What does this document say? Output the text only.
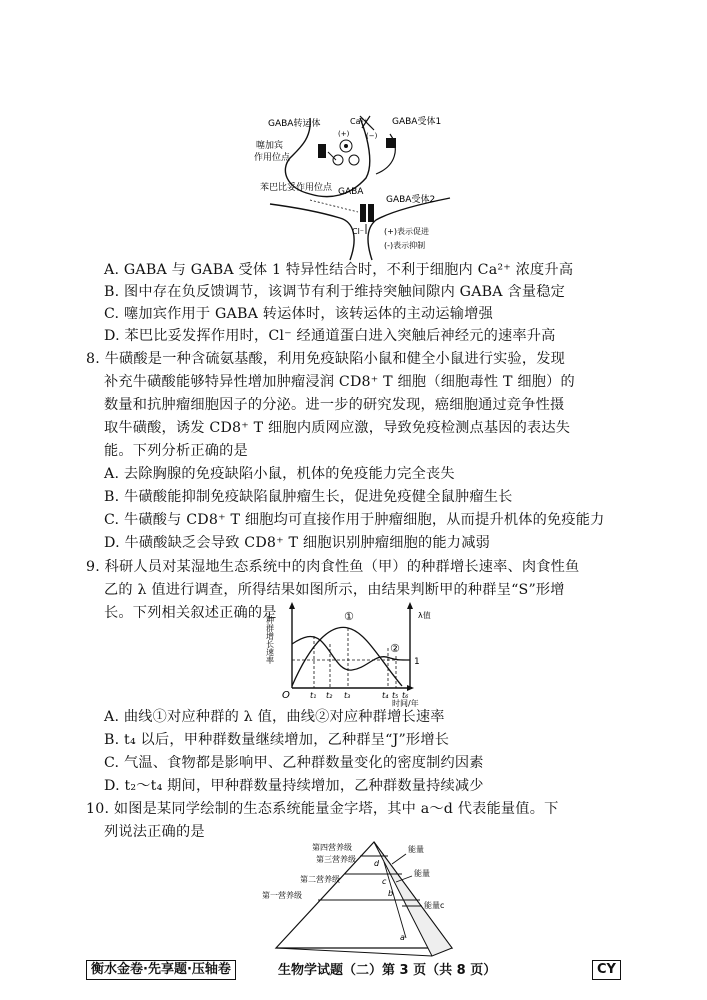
GABA转运体
噻加宾
作用位点
Ca²⁺	GABA受体1
(−)
(+)
苯巴比妥作用位点 GABA
GABA受体2
Cl⁻ (+)表示促进
(-)表示抑制
A. GABA 与 GABA 受体 1 特异性结合时，不利于细胞内 Ca²⁺ 浓度升高
B. 图中存在负反馈调节，该调节有利于维持突触间隙内 GABA 含量稳定
C. 噻加宾作用于 GABA 转运体时，该转运体的主动运输增强
D. 苯巴比妥发挥作用时，Cl⁻ 经通道蛋白进入突触后神经元的速率升高
8. 牛磺酸是一种含硫氨基酸，利用免疫缺陷小鼠和健全小鼠进行实验，发现
补充牛磺酸能够特异性增加肿瘤浸润 CD8⁺ T 细胞（细胞毒性 T 细胞）的
数量和抗肿瘤细胞因子的分泌。进一步的研究发现，癌细胞通过竞争性摄
取牛磺酸，诱发 CD8⁺ T 细胞内质网应激，导致免疫检测点基因的表达失
能。下列分析正确的是
A. 去除胸腺的免疫缺陷小鼠，机体的免疫能力完全丧失
B. 牛磺酸能抑制免疫缺陷鼠肿瘤生长，促进免疫健全鼠肿瘤生长
C. 牛磺酸与 CD8⁺ T 细胞均可直接作用于肿瘤细胞，从而提升机体的免疫能力
D. 牛磺酸缺乏会导致 CD8⁺ T 细胞识别肿瘤细胞的能力减弱
9. 科研人员对某湿地生态系统中的肉食性鱼（甲）的种群增长速率、肉食性鱼
乙的 λ 值进行调查，所得结果如图所示，由结果判断甲的种群呈“S”形增
长。下列相关叙述正确的是
种群增长速率
λ值
1
①
②
O	t₁ t₂ t₃	t₄ t₅ t₆
时间/年
A. 曲线①对应种群的 λ 值，曲线②对应种群增长速率
B. t₄ 以后，甲种群数量继续增加，乙种群呈“J”形增长
C. 气温、食物都是影响甲、乙种群数量变化的密度制约因素
D. t₂～t₄ 期间，甲种群数量持续增加，乙种群数量持续减少
10. 如图是某同学绘制的生态系统能量金字塔，其中 a～d 代表能量值。下
列说法正确的是
第四营养级
第三营养级
第二营养级
第一营养级
能量
能量
能量c
d
c
b
a
衡水金卷·先享题·压轴卷	生物学试题（二）第 3 页（共 8 页）	CY
